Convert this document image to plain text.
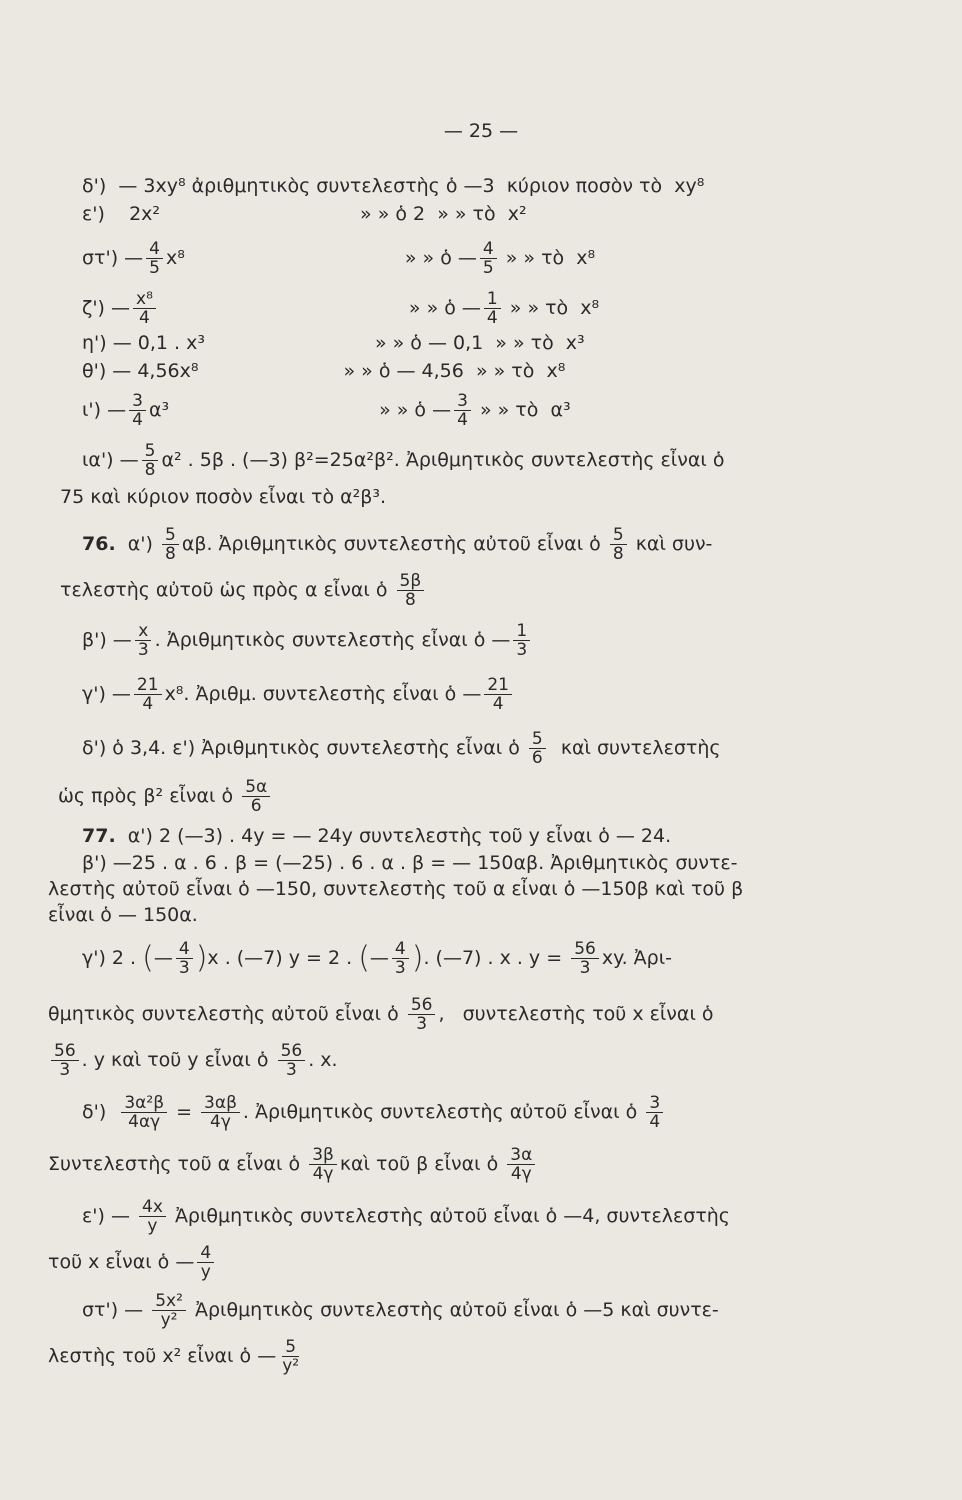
— 25 —
δ') — 3xy⁸ ἀριθμητικὸς συντελεστὴς ὁ —3 κύριον ποσὸν τὸ xy⁸
ε') 2x²	» » ὁ 2 » » τὸ x²
στ') — $\frac{4}{5} x^8$	» » ὁ — $\frac{4}{5}$ » » τὸ x⁸
ζ') — $\frac{\text{x⁸}}{4}$	» » ὁ — $\frac{1}{4}$ » » τὸ x⁸
η') — 0,1 . x³	» » ὁ — 0,1 » » τὸ x³
θ') — 4,56x⁸	» » ὁ — 4,56 » » τὸ x⁸
ι') — $\frac{3}{4} \alpha^3$	» » ὁ — $\frac{3}{4}$ » » τὸ α³
ια') — $\frac{5}{8} \alpha^2$ . 5β . (—3) β²=25α²β². Ἀριθμητικὸς συντελεστὴς εἶναι ὁ
75 καὶ κύριον ποσὸν εἶναι τὸ α²β³.
76. $\alpha') \frac{5}{8} \alpha\beta$. Ἀριθμητικὸς συντελεστὴς αὐτοῦ εἶναι ὁ $\frac{5}{8}$ καὶ συν-
τελεστὴς αὐτοῦ ὡς πρὸς α εἶναι ὁ $\frac{5\beta}{8}$
β') — $\frac{x}{3}$ . Ἀριθμητικὸς συντελεστὴς εἶναι ὁ — $\frac{1}{3}$
γ') — $\frac{21}{4} x^8$. Ἀριθμ. συντελεστὴς εἶναι ὁ — $\frac{21}{4}$
δ') ὁ 3,4. ε') Ἀριθμητικὸς συντελεστὴς εἶναι ὁ $\frac{5}{6}$ καὶ συντελεστὴς
ὡς πρὸς β² εἶναι ὁ $\frac{5\alpha}{6}$
77. α') 2 (—3) . 4y = — 24y συντελεστὴς τοῦ y εἶναι ὁ — 24.
β') —25 . α . 6 . β = (—25) . 6 . α . β = — 150αβ. Ἀριθμητικὸς συντε-
λεστὴς αὐτοῦ εἶναι ὁ —150, συντελεστὴς τοῦ α εἶναι ὁ —150β καὶ τοῦ β
εἶναι ὁ — 150α.
γ') 2 . (— $\frac{4}{3} )x$ . (—7) y = 2 . (— $\frac{4}{3}$ ). (—7) . x . $y = \frac{56}{3}$ xy. Ἀρι-
θμητικὸς συντελεστὴς αὐτοῦ εἶναι ὁ $\frac{56}{3}$ ,   συντελεστὴς τοῦ x εἶναι ὁ
$\frac{56}{3}$ . y καὶ τοῦ y εἶναι ὁ $\frac{56}{3}$ . x.
$\delta') \frac{\text{3α²β}}{4\alpha\gamma} = \frac{3\alpha\beta}{4\gamma}$ . Ἀριθμητικὸς συντελεστὴς αὐτοῦ εἶναι ὁ $\frac{3}{4}$
Συντελεστὴς τοῦ α εἶναι ὁ $\frac{3\beta}{4\gamma}$ καὶ τοῦ β εἶναι ὁ $\frac{3\alpha}{4\gamma}$
ε') — $\frac{4x}{y}$ Ἀριθμητικὸς συντελεστὴς αὐτοῦ εἶναι ὁ —4, συντελεστὴς
τοῦ x εἶναι ὁ — $\frac{4}{y}$
στ') — $\frac{\text{5x²}}{\text{y²}}$ Ἀριθμητικὸς συντελεστὴς αὐτοῦ εἶναι ὁ —5 καὶ συντε-
λεστὴς τοῦ x² εἶναι ὁ — $\frac{5}{\text{y²}}$
